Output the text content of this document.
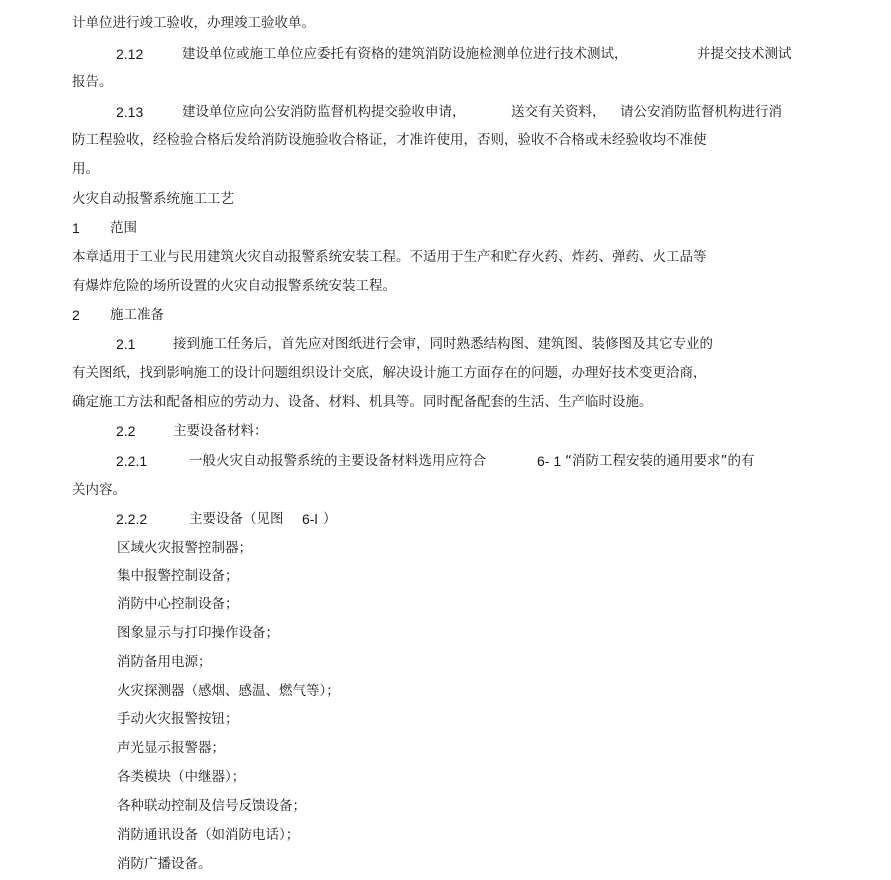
计单位进行竣工验收，办理竣工验收单。
2.12	建设单位或施工单位应委托有资格的建筑消防设施检测单位进行技术测试，	并提交技术测试
报告。
2.13	建设单位应向公安消防监督机构提交验收申请，	送交有关资料， 请公安消防监督机构进行消
防工程验收，经检验合格后发给消防设施验收合格证，才准许使用，否则，验收不合格或未经验收均不准使
用。
火灾自动报警系统施工工艺
1 范围
本章适用于工业与民用建筑火灾自动报警系统安装工程。不适用于生产和贮存火药、炸药、弹药、火工品等
有爆炸危险的场所设置的火灾自动报警系统安装工程。
2 施工准备
2.1	接到施工任务后，首先应对图纸进行会审，同时熟悉结构图、建筑图、装修图及其它专业的
有关图纸，找到影响施工的设计问题组织设计交底，解决设计施工方面存在的问题，办理好技术变更洽商，
确定施工方法和配备相应的劳动力、设备、材料、机具等。同时配备配套的生活、生产临时设施。
2.2	主要设备材料：
2.2.1	一般火灾自动报警系统的主要设备材料选用应符合	6- 1 “消防工程安装的通用要求”的有
关内容。
2.2.2	主要设备（见图 6-l ）
区域火灾报警控制器；
集中报警控制设备；
消防中心控制设备；
图象显示与打印操作设备；
消防备用电源；
火灾探测器（感烟、感温、燃气等）；
手动火灾报警按钮；
声光显示报警器；
各类模块（中继器）；
各种联动控制及信号反馈设备；
消防通讯设备（如消防电话）；
消防广播设备。
